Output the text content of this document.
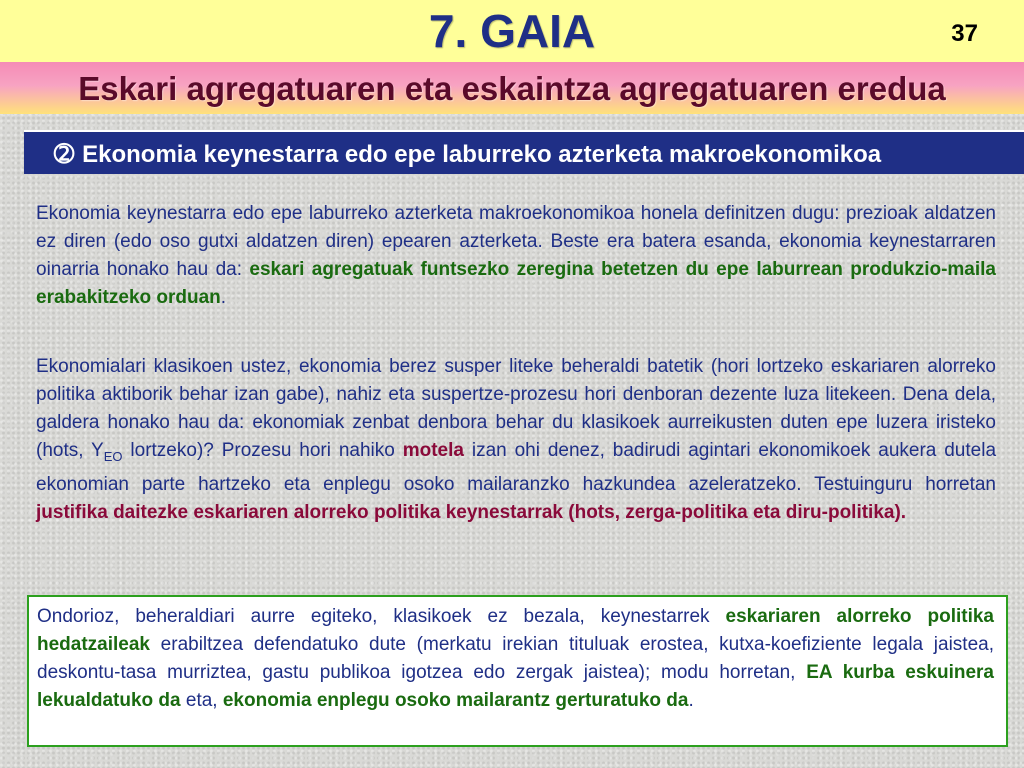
7. GAIA	37
Eskari agregatuaren eta eskaintza agregatuaren eredua
➁ Ekonomia keynestarra edo epe laburreko azterketa makroekonomikoa
Ekonomia keynestarra edo epe laburreko azterketa makroekonomikoa honela definitzen dugu: prezioak aldatzen ez diren (edo oso gutxi aldatzen diren) epearen azterketa. Beste era batera esanda, ekonomia keynestarraren oinarria honako hau da: eskari agregatuak funtsezko zeregina betetzen du epe laburrean produkzio-maila erabakitzeko orduan.
Ekonomialari klasikoen ustez, ekonomia berez susper liteke beheraldi batetik (hori lortzeko eskariaren alorreko politika aktiborik behar izan gabe), nahiz eta suspertze-prozesu hori denboran dezente luza litekeen. Dena dela, galdera honako hau da: ekonomiak zenbat denbora behar du klasikoek aurreikusten duten epe luzera iristeko (hots, $Y_{EO}$ lortzeko)? Prozesu hori nahiko motela izan ohi denez, badirudi agintari ekonomikoek aukera dutela ekonomian parte hartzeko eta enplegu osoko mailaranzko hazkundea azeleratzeko. Testuinguru horretan justifika daitezke eskariaren alorreko politika keynestarrak (hots, zerga-politika eta diru-politika).
Ondorioz, beheraldiari aurre egiteko, klasikoek ez bezala, keynestarrek eskariaren alorreko politika hedatzaileak erabiltzea defendatuko dute (merkatu irekian tituluak erostea, kutxa-koefiziente legala jaistea, deskontu-tasa murriztea, gastu publikoa igotzea edo zergak jaistea); modu horretan, EA kurba eskuinera lekualdatuko da eta, ekonomia enplegu osoko mailarantz gerturatuko da.
